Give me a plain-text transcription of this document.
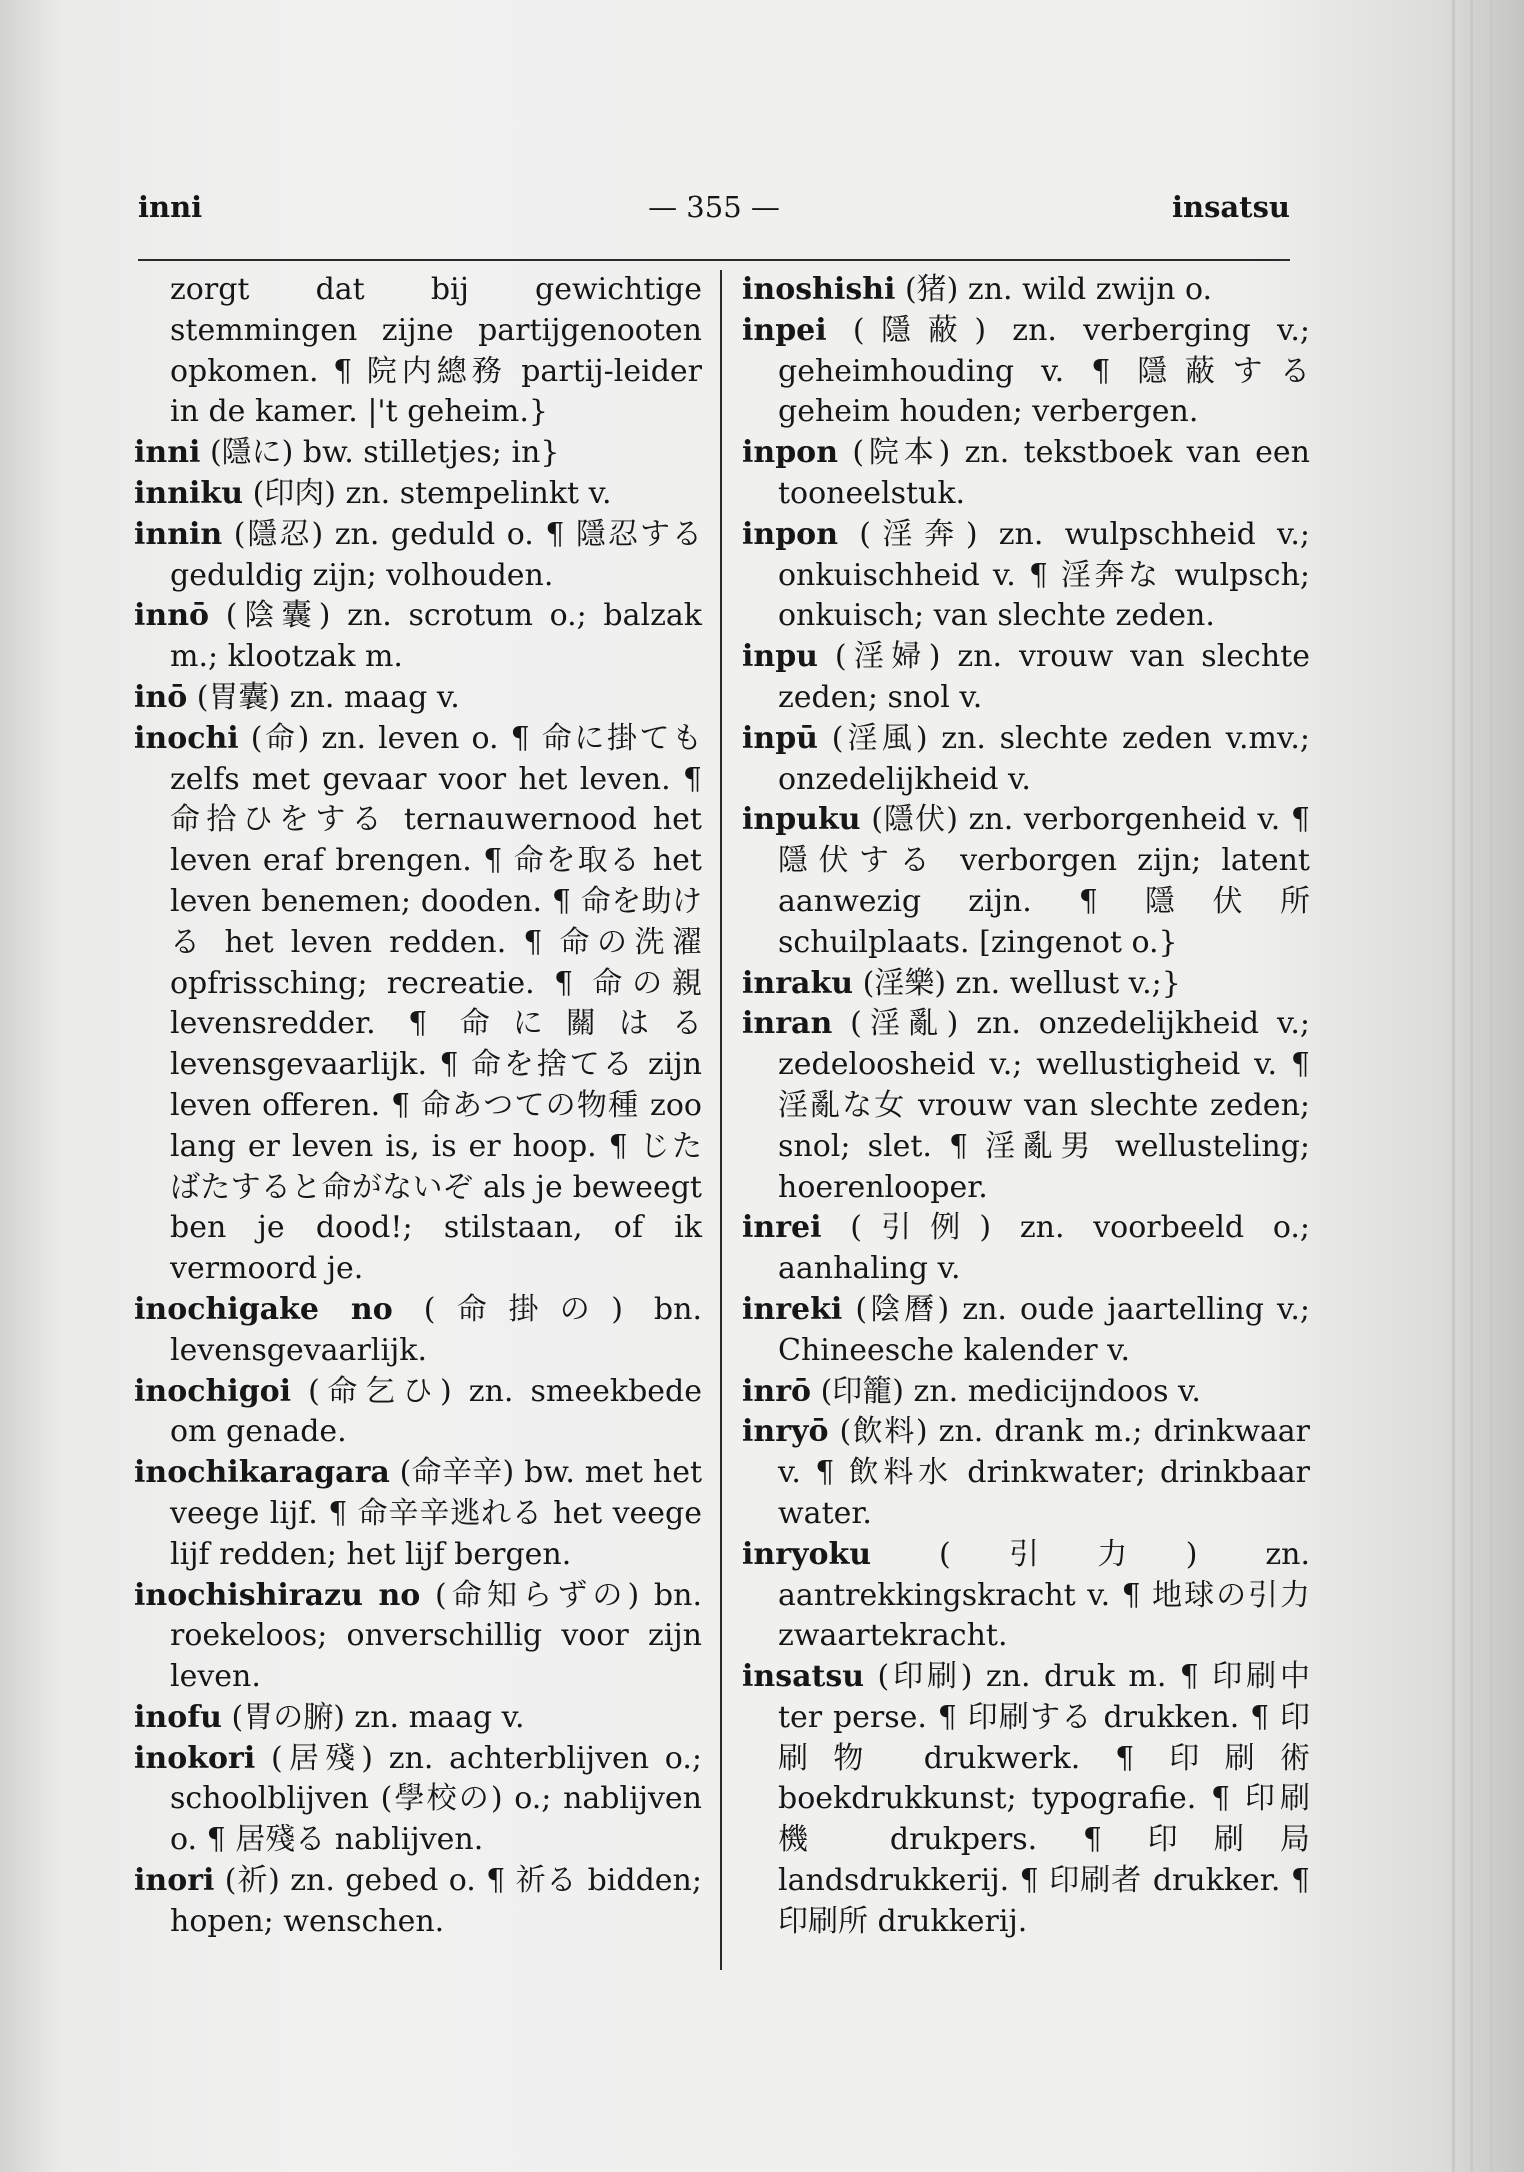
inni	— 355 —	insatsu

zorgt dat bij gewichtige stemmingen zijne partijgenooten opkomen. ¶ 院内總務 partij-leider in de kamer. |'t geheim.}

inni (隱に) bw. stilletjes; in}

inniku (印肉) zn. stempelinkt v.

innin (隱忍) zn. geduld o. ¶ 隱忍する geduldig zijn; volhouden.

innō (陰囊) zn. scrotum o.; balzak m.; klootzak m.

inō (胃囊) zn. maag v.

inochi (命) zn. leven o. ¶ 命に掛ても zelfs met gevaar voor het leven. ¶ 命拾ひをする ternauwernood het leven eraf brengen. ¶ 命を取る het leven benemen; dooden. ¶ 命を助ける het leven redden. ¶ 命の洗濯 opfrissching; recreatie. ¶ 命の親 levensredder. ¶ 命に關はる levensgevaarlijk. ¶ 命を捨てる zijn leven offeren. ¶ 命あつての物種 zoo lang er leven is, is er hoop. ¶ じたばたすると命がないぞ als je beweegt ben je dood!; stilstaan, of ik vermoord je.

inochigake no (命掛の) bn. levensgevaarlijk.

inochigoi (命乞ひ) zn. smeekbede om genade.

inochikaragara (命辛辛) bw. met het veege lijf. ¶ 命辛辛逃れる het veege lijf redden; het lijf bergen.

inochishirazu no (命知らずの) bn. roekeloos; onverschillig voor zijn leven.

inofu (胃の腑) zn. maag v.

inokori (居殘) zn. achterblijven o.; schoolblijven (學校の) o.; nablijven o. ¶ 居殘る nablijven.

inori (祈) zn. gebed o. ¶ 祈る bidden; hopen; wenschen.

inoshishi (猪) zn. wild zwijn o.

inpei (隱蔽) zn. verberging v.; geheimhouding v. ¶ 隱蔽する geheim houden; verbergen.

inpon (院本) zn. tekstboek van een tooneelstuk.

inpon (淫奔) zn. wulpschheid v.; onkuischheid v. ¶ 淫奔な wulpsch; onkuisch; van slechte zeden.

inpu (淫婦) zn. vrouw van slechte zeden; snol v.

inpū (淫風) zn. slechte zeden v.mv.; onzedelijkheid v.

inpuku (隱伏) zn. verborgenheid v. ¶ 隱伏する verborgen zijn; latent aanwezig zijn. ¶ 隱伏所 schuilplaats. [zingenot o.}

inraku (淫樂) zn. wellust v.;}

inran (淫亂) zn. onzedelijkheid v.; zedeloosheid v.; wellustigheid v. ¶ 淫亂な女 vrouw van slechte zeden; snol; slet. ¶ 淫亂男 wellusteling; hoerenlooper.

inrei (引例) zn. voorbeeld o.; aanhaling v.

inreki (陰曆) zn. oude jaartelling v.; Chineesche kalender v.

inrō (印籠) zn. medicijndoos v.

inryō (飲料) zn. drank m.; drinkwaar v. ¶ 飲料水 drinkwater; drinkbaar water.

inryoku (引力) zn. aantrekkingskracht v. ¶ 地球の引力 zwaartekracht.

insatsu (印刷) zn. druk m. ¶ 印刷中 ter perse. ¶ 印刷する drukken. ¶ 印刷物 drukwerk. ¶ 印刷術 boekdrukkunst; typografie. ¶ 印刷機 drukpers. ¶ 印刷局 landsdrukkerij. ¶ 印刷者 drukker. ¶ 印刷所 drukkerij.
